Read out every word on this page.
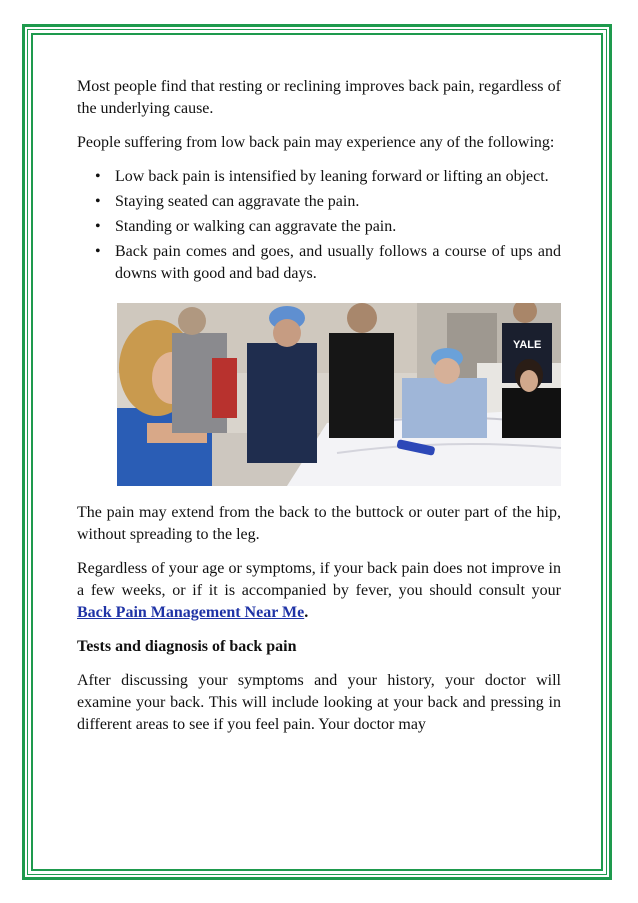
Most people find that resting or reclining improves back pain, regardless of the underlying cause.

People suffering from low back pain may experience any of the following:

• Low back pain is intensified by leaning forward or lifting an object.
• Staying seated can aggravate the pain.
• Standing or walking can aggravate the pain.
• Back pain comes and goes, and usually follows a course of ups and downs with good and bad days.
YALE

The pain may extend from the back to the buttock or outer part of the hip, without spreading to the leg.

Regardless of your age or symptoms, if your back pain does not improve in a few weeks, or if it is accompanied by fever, you should consult your Back Pain Management Near Me.

Tests and diagnosis of back pain

After discussing your symptoms and your history, your doctor will examine your back. This will include looking at your back and pressing in different areas to see if you feel pain. Your doctor may
